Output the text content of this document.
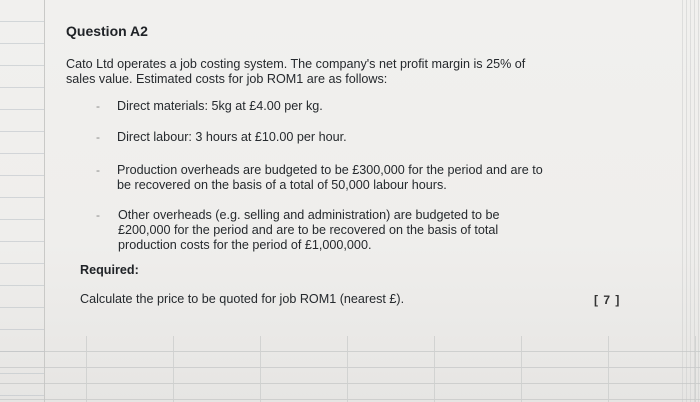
Question A2
Cato Ltd operates a job costing system. The company's net profit margin is 25% of
sales value. Estimated costs for job ROM1 are as follows:
- Direct materials: 5kg at £4.00 per kg.
- Direct labour: 3 hours at £10.00 per hour.
- Production overheads are budgeted to be £300,000 for the period and are to
be recovered on the basis of a total of 50,000 labour hours.
- Other overheads (e.g. selling and administration) are budgeted to be
£200,000 for the period and are to be recovered on the basis of total
production costs for the period of £1,000,000.
Required:
Calculate the price to be quoted for job ROM1 (nearest £).	[ 7 ]
